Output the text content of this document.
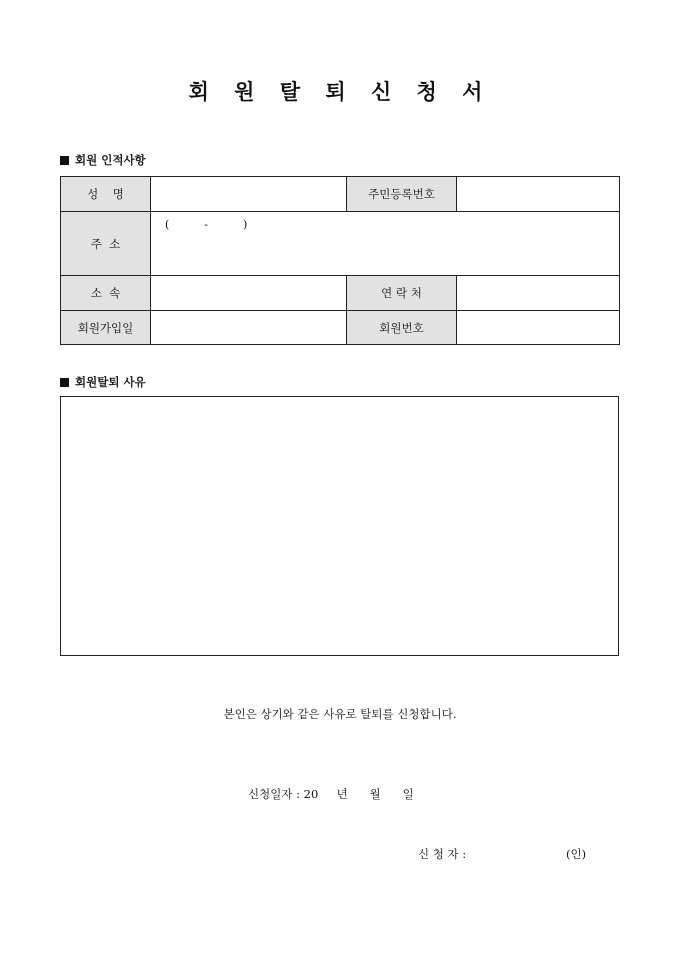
회 원 탈 퇴 신 청 서
회원 인적사항
성    명		주민등록번호	
주  소	(          -          )		

소  속		연 락 처	
회원가입일		회원번호	
회원탈퇴 사유
본인은 상기와 같은 사유로 탈퇴를 신청합니다.
신청일자 : 20     년      월      일
신 청 자 :	(인)
